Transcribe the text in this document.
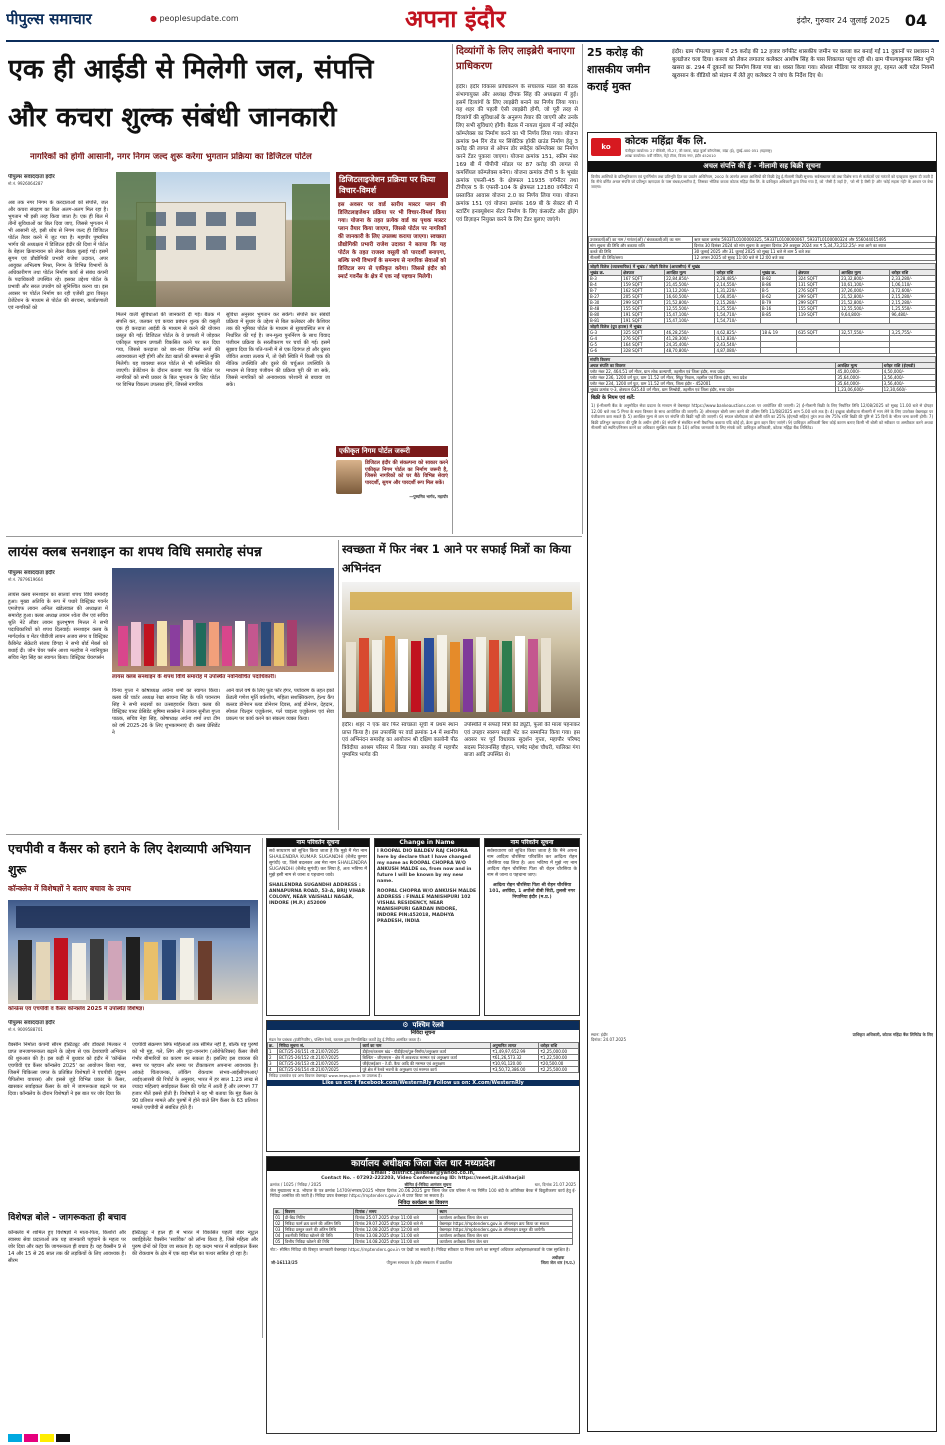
पीपुल्स समाचार	● peoplesupdate.com	अपना इंदौर	इंदौर, गुरुवार 24 जुलाई 2025 04
एक ही आईडी से मिलेगी जल, संपत्ति
और कचरा शुल्क संबंधी जानकारी
नागरिकों को होगी आसानी, नगर निगम जल्द शुरू करेगा भुगतान प्रक्रिया का डिजिटल पोर्टल
पीपुल्स संवाददाता इंदौर
मो.नं. 9926064287
अब तक नगर निगम के करदाताओं को संपत्ति, जल और कचरा संग्रहण का बिल अलग-अलग मिल रहा है। भुगतान भी इसी तरह किया जाता है। एक ही बिल में तीनों सुविधाओं का बिल दिया जाए, जिससे भुगतान में भी आसानी रहे, इसी ध्येय से निगम जल्द ही डिजिटल पोर्टल तैयार करने में जुट गया है। महापौर पुष्यमित्र भार्गव की अध्यक्षता में डिजिटल इंदौर की दिशा में पोर्टल के बेहतर क्रियान्वयन को लेकर बैठक बुलाई गई। इसमें सुगम एवं प्रौद्योगिकी प्रभारी राजेश उदावत, अपर आयुक्त अभिलाष मिश्रा, निगम के विभिन्न विभागों के अधिकारीगण तथा पोर्टल निर्माण कार्य से संबंध कंपनी के पदाधिकारी उपस्थित रहे। इसका उद्देश्य पोर्टल के प्रभावी और सरल उपयोग को सुनिश्चित करना था। इस अवसर पर पोर्टल निर्माण का रही एजेंसी द्वारा विस्तृत प्रेजेंटेशन के माध्यम से पोर्टल की संरचना, कार्यप्रणाली एवं नागरिकों को
डिजिटलाइजेशन प्रक्रिया पर किया विचार-विमर्श
इस अवसर पर वार्ड स्तरीय मास्टर प्लान की डिजिटलाइजेशन प्रक्रिया पर भी विचार-विमर्श किया गया। योजना के तहत प्रत्येक वार्ड का पृथक मास्टर प्लान तैयार किया जाएगा, जिससे पोर्टल पर नागरिकों की जानकारी के लिए उपलब्ध कराया जाएगा। स्वच्छता प्रौद्योगिकी प्रभारी राजेश उदावत ने बताया कि यह पोर्टल के तहत राजस्व वसूली को पारदर्शी बनाएगा, बल्कि सभी विभागों के समन्वय से नागरिक सेवाओं को डिजिटल रूप से एकीकृत करेगा। जिससे इंदौर को स्मार्ट गवर्नेंस के क्षेत्र में एक नई पहचान मिलेगी।
एकीकृत निगम पोर्टल जरूरी
डिजिटल इंदौर की संकल्पना को साकार करने एकीकृत निगम पोर्टल का निर्माण जरूरी है, जिससे नागरिकों को घर बैठे विभिन्न सेवाएं पारदर्शी, सुगम और पारदर्शी रूप मिल सकें।
—पुष्यमित्र भार्गव, महापौर
मिलने वाली सुविधाओं की जानकारी दी गई। बैठक में संपत्ति कर, जलकर एवं कचरा प्रबंधन शुल्क की वसूली एक ही करदाता आईडी के माध्यम से करने की योजना प्रस्तुत की गई। डिजिटल पोर्टल के ये प्रणाली में जोड़कर एकीकृत पहचान प्रणाली विकसित करने पर बल दिया गया, जिससे करदाता को बार-बार विभिन्न रूपों की आवश्यकता नहीं होगी और डेटा खातों की समस्या से मुक्ति मिलेगी। यह व्यवस्था सरल पोर्टल से भी सम्मिलित की जाएगी। प्रेजेंटेशन के दौरान बताया गया कि पोर्टल पर नागरिकों को सभी प्रकार के बिल भुगतान के लिए पोर्टल पर विभिन्न विकल्प उपलब्ध होंगे, जिससे नागरिक
सुविधा अनुसार भुगतान कर सकेंगे। संपत्ति कर संबंधी प्रक्रिया में सुधार के उद्देश्य से बिल कलेक्टर और कैशियर तक की भूमिका पोर्टल के माध्यम से सुव्यवस्थित रूप से निर्धारित की गई है। जन-मूल्य पुनर्निरण के साथ विवाद पंजीयन प्रक्रिया के सरलीकरण पर चर्चा की गई। इसमें सुझाव दिया कि पति-पत्नी में से एक दिवंगत हो और दूसरा जीवित अथवा तलाक में, तो ऐसी स्थिति में किसी एक की नीतिक उपस्थिति और दुसरे की चर्चुअल उपस्थिति के माध्यम से विवाह पंजीयन की प्रक्रिया पूरी की जा सके, जिससे नागरिकों को अनावश्यक परेशानी से बचाया जा सके।
दिव्यांगों के लिए लाइब्रेरी बनाएगा प्राधिकरण
इंदौर। इंदौर विकास प्राधिकरण के संचालक मंडल की बैठक संभागायुक्त और अध्यक्ष दीपक सिंह की अध्यक्षता में हुई। इसमें दिव्यांगों के लिए लाइब्रेरी बनाने का निर्णय लिया गया। यह शहर की पहली ऐसी लाइब्रेरी होगी, जो पूरी तरह से दिव्यांगों की सुविधाओं के अनुरूप तैयार की जाएगी और उनके लिए सभी सुविधाएं होंगी। बैठक में नायता मुंडला में नई स्पोर्ट्स कॉम्प्लेक्स का निर्माण करने का भी निर्णय लिया गया। योजना क्रमांक 94 रिंग रोड पर सिंथेटिक हॉकी ग्राउंड निर्माण हेतु 3 करोड़ की लागत से ओपन डोर स्पोर्ट्स कॉम्प्लेक्स का निर्माण करने टेंडर पुकारा जाएगा। योजना क्रमांक 151, स्कीम नंबर 169 बी में पीपीपी मॉडल पर 87 करोड़ की लागत से कमर्शियल कॉम्प्लेक्स बनेगा। योजना क्रमांक टीपी 5 के भूखंड क्रमांक एफसी-45 के क्षेत्रफल 11935 वर्गमीटर तथा टीपीएस 5 के एफसी-104 के क्षेत्रफल 12180 वर्गमीटर में प्रस्तावित आवास योजना 2.0 का निर्णय लिया गया। योजना क्रमांक 151 एवं योजना क्रमांक 169 बी के सेक्टर बी में स्टार्टिंग इनक्यूबेशन सेंटर निर्माण के लिए कंसल्टेंट और ड्रॉइंग एवं डिज़ाइन नियुक्त करने के लिए टेंडर बुलाए जाएंगे।
25 करोड़ की शासकीय जमीन कराई मुक्त
इंदौर। ग्राम पीपल्या कुमार में 25 करोड़ की 12 हजार वर्गफीट शासकीय जमीन पर कब्जा कर बनाई गईं 11 दुकानों पर प्रशासन ने बुलडोजर चला दिया। कब्जा को लेकर लगातार कलेक्टर आशीष सिंह के पास शिकायत पहुंच रही थी। ग्राम पीपल्याकुमार स्थित भूमि खसरा क्र. 294 में दुकानों का निर्माण किया गया था। ध्वस्त किया गया। सोशल मीडिया पर वायरल हुए, रहमत अली पटेल नियमों खुरासान के वीडियो को संज्ञान में लेते हुए कलेक्टर ने जांच के निर्देश दिए थे।
ko	कोटक महिंद्रा बैंक लि.
पंजीकृत कार्यालय: 27 बीकेसी, सी-27, जी ब्लाक, बांद्रा कुर्ला कॉम्प्लेक्स, बांद्रा (ई), मुंबई-400 051 (महाराष्ट्र)
शाखा कार्यालय: 5वीं मंजिल, मेट्रो टॉवर, विजय नगर, इंदौर 452010
अचल संपत्ति की ई - नीलामी सह बिक्री सूचना
वित्तीय आस्तियों के प्रतिभूतिकरण एवं पुनर्निर्माण तथा प्रतिभूति हित का प्रवर्तन अधिनियम, 2002 के अंतर्गत अचल आस्तियों की बिक्री हेतु ई-नीलामी बिक्री सूचना। सर्वसाधारण को तथा विशेष रूप से कर्जदारों एवं गारंटरों को एतद्द्वारा सूचना दी जाती है कि नीचे वर्णित अचल संपत्ति जो प्रतिभूत ऋणदाता के पास बंधक/प्रभारित है, जिसका भौतिक कब्जा कोटक महिंद्रा बैंक लि. के प्राधिकृत अधिकारी द्वारा लिया गया है, को 'जैसी है जहाँ है', 'जो भी है जैसी है' और 'कोई सहारा नहीं' के आधार पर बेचा जाएगा।
उधारकर्ता(ओं) का नाम / गारंटर(ओं) / बंधककर्ता(ओं) का नाम	ऋण खाता क्रमांक 5933TL0100000325, 5933TL0100000067, 5933TL0100000324 और 556044015495
मांग सूचना की तिथि और बकाया राशि	दिनांक 30 दिसंबर 2024 को मांग सूचना के अनुसार दिनांक 29 अक्टूबर 2024 तक ₹ 5,34,73,212.25/- तथा आगे का ब्याज
कब्जे की तिथि	30 जुलाई 2025 और 31 जुलाई 2025 को सुबह 11 बजे से शाम 5 बजे तक
नीलामी की तिथि/समय	12 अगस्त 2025 को सुबह 11:00 बजे से 12:00 बजे तक
जोहरी विलेज (व्यावसायिक) में भूखंड / जोहरी विलेज (आवासीय) में भूखंड							
भूखंड क्र.	क्षेत्रफल	आरक्षित मूल्य	धरोहर राशि	भूखंड क्र.	क्षेत्रफल	आरक्षित मूल्य	धरोहर राशि
B-3	167 SQFT	22,84,850/-	2,28,485/-	B-82	324 SQFT	23,32,800/-	2,33,280/-
B-4	159 SQFT	21,45,500/-	2,14,550/-	B-86	131 SQFT	10,61,100/-	1,06,110/-
B-7	162 SQFT	13,12,200/-	1,31,220/-	B-5	276 SQFT	37,26,000/-	3,72,600/-
B-27	205 SQFT	16,60,500/-	1,66,050/-	B-62	299 SQFT	21,52,800/-	2,15,280/-
B-30	299 SQFT	21,52,800/-	2,15,280/-	B-79	299 SQFT	21,52,800/-	2,15,280/-
B-48	155 SQFT	12,55,500/-	1,25,550/-	B-16	155 SQFT	12,55,500/-	1,25,550/-
B-80	191 SQFT	15,47,100/-	1,54,710/-	B-85	119 SQFT	9,64,800/-	96,480/-
B-81	191 SQFT	15,47,100/-	1,54,710/-				
जोहरी विलेज (ग्रुप हाउस) में भूखंड							
G-3	325 SQFT	46,28,250/-	4,62,825/-	18 & 19	635 SQFT	32,57,550/-	3,25,755/-
G-4	276 SQFT	41,28,300/-	4,12,830/-				
G-5	164 SQFT	24,35,400/-	2,43,540/-				
G-6	328 SQFT	48,70,800/-	4,87,080/-				
संपत्ति विवरण		
अचल संपत्ति का विवरण	आरक्षित मूल्य	धरोहर राशि (ईएमडी)
प्लॉट नंबर 22, 464.51 वर्ग मीटर, ग्राम लोक कल्याणी, तहसील एवं जिला इंदौर, मध्य प्रदेश	45,00,000/-	4,50,000/-
प्लॉट नंबर 236, 1200 वर्ग फुट, ग्राम 11.52 वर्ग मीटर, सिंदूर निवास, तहसील एवं जिला इंदौर, मध्य प्रदेश	35,64,000/-	3,56,400/-
प्लॉट नंबर 234, 1200 वर्ग फुट, ग्राम 11.52 वर्ग मीटर, जिला इंदौर - 452001	35,64,000/-	3,56,400/-
भूखंड क्रमांक ए-3, क्षेत्रफल 635.40 वर्ग मीटर, ग्राम लिम्बोदी, तहसील एवं जिला इंदौर, मध्य प्रदेश	1,23,06,600/-	12,30,660/-
बिक्री के नियम एवं शर्तें:
1) ई-नीलामी बैंक के अनुमोदित सेवा प्रदाता के माध्यम से वेबसाइट https://www.bankeauctions.com पर आयोजित की जाएगी। 2) ई-नीलामी बिक्री के लिए निर्धारित तिथि 12/08/2025 को सुबह 11.00 बजे से दोपहर 12.00 बजे तक 5 मिनट के स्वतः विस्तार के साथ आयोजित की जाएगी। 3) ऑनलाइन बोली जमा करने की अंतिम तिथि 11/08/2025 शाम 5.00 बजे तक है। 4) इच्छुक बोलीदाता नीलामी में भाग लेने के लिए उपरोक्त वेबसाइट पर पंजीकरण करा सकते हैं। 5) आरक्षित मूल्य से कम पर संपत्ति की बिक्री नहीं की जाएगी। 6) सफल बोलीदाता को बोली राशि का 25% (ईएमडी सहित) तुरंत तथा शेष 75% राशि बिक्री की पुष्टि से 15 दिनों के भीतर जमा करनी होगी। 7) बिक्री प्रतिभूत ऋणदाता की पुष्टि के अधीन होगी। 8) संपत्ति से संबंधित सभी वैधानिक बकाया यदि कोई हो, क्रेता द्वारा वहन किए जाएंगे। 9) प्राधिकृत अधिकारी बिना कोई कारण बताए किसी भी बोली को स्वीकार या अस्वीकार करने अथवा नीलामी को स्थगित/निरस्त करने का अधिकार सुरक्षित रखता है। 10) अधिक जानकारी के लिए संपर्क करें: प्राधिकृत अधिकारी, कोटक महिंद्रा बैंक लिमिटेड।
स्थान: इंदौर
दिनांक: 24.07.2025
प्राधिकृत अधिकारी, कोटक महिंद्रा बैंक लिमिटेड के लिए
लायंस क्लब सनशाइन का शपथ विधि समारोह संपन्न
पीपुल्स संवाददाता इंदौर
मो.नं. 7879619664
लायंस क्लब सनशाइन का सातवां शपथ विधि समारोह हुआ। मुख्य अतिथि के रूप में पधारे डिस्ट्रिक्ट गवर्नर एमजेएफ लायन अनिल खंडेलवाल की अध्यक्षता में समारोह हुआ। क्लब अध्यक्ष लायन श्वेता जैन एवं सचिव श्रुति नेटे लीडर लायन कुलभूषण मित्तल ने सभी पदाधिकारियों को शपथ दिलवाई। सनशाइन क्लब के मार्गदर्शक व मेंटर पीडीजी लायन अजय संगर व डिस्ट्रिक्ट कैबिनेट सेक्रेटरी संजय डिंगड़ा ने सभी बोर्ड मेंबर्स को बधाई दी। जोन चेयर पर्सन आशा मल्होत्रा ने नवनियुक्त सचिव नेहा सिंह का स्वागत किया। डिस्ट्रिक्ट चेयरपर्सन
लायंस क्लब सनशाइन के शपथ विधि समारोह में उपस्थित नवनिर्वाचित पदाधिकारी।
विनय गुप्ता ने कोषाध्यक्ष अर्चना शर्मा का स्वागत किया। क्लब की चार्टर अध्यक्ष रेखा साचना सिंह के पति पवनराम सिंह ने सभी सदस्यों का उत्साहवर्धन किया। क्लब की डिस्ट्रिक्ट पास्ट प्रेसिडेंट सुषिमा सक्सेना ने लायन सुनीता गुप्ता पाठक, सचिव नेहा सिंह, कोषाध्यक्ष अर्चना शर्मा तथा टीम को वर्ष 2025-26 के लिए शुभकामनाएं दीं। क्लब प्रेसिडेंट ने
आने वाले वर्ष के लिए फूड फॉर हंगर, पर्यावरण के तहत इको फ्रेंडली गणेश मूर्ति वर्कशॉप, महिला सशक्तिकरण, हेल्थ कैंप बल्लड डोनेशन ब्लड डोनेशन दिवस, आई डोनेशन, देहदान, स्पेशल चिल्ड्रन एजुकेशन, गर्ल चाइल्ड एजुकेशन एवं सेवा प्रकल्प पर कार्य करने का संकल्प व्यक्त किया।
स्वच्छता में फिर नंबर 1 आने पर सफाई मित्रों का किया अभिनंदन
इंदौर। शहर ने एक बार फिर स्वच्छता सूची में प्रथम स्थान प्राप्त किया है। इस उपलब्धि पर वार्ड क्रमांक 14 में स्थानीय एवं अभिनंदन समारोह का आयोजन श्री दक्षिण कालोनी पीठ त्रिवेदीया आश्रम परिसर में किया गया। समारोह में महापौर पुष्यमित्र भार्गव की
उपस्थिति में सफाई मित्रों की ड्यूटी, फूलों की माला पहनाकर एवं उपहार स्वरूप साड़ी भेंट कर सम्मानित किया गया। इस अवसर पर पूर्व विधायक सुदर्शन गुप्ता, महापौर परिषद सदस्य निरंजनसिंह चौहान, पार्षद महेश चौधरी, पालिका गंगा बाजा आदि उपस्थित थे।
एचपीवी व कैंसर को हराने के लिए देशव्यापी अभियान शुरू
कॉन्क्लेव में विशेषज्ञों ने बताए बचाव के उपाय
कॉन्फ्रेंस एवं एचपीवी व कैंसर कॉन्क्लेव 2025 में उपस्थित विशेषज्ञ।
पीपुल्स संवाददाता इंदौर
मो.नं. 9009588701
वैक्सीन निर्माता कंपनी सीरम इंस्टिट्यूट और डॉक्टर्स मिलकर ने प्राप्त जनजागरूकता बढ़ाने के उद्देश्य से एक देशव्यापी अभियान की शुरुआत की है। इस कड़ी में बुधवार को इंदौर में 'कॉन्फ्रेंस एचपीवी एंड कैंसर कॉन्क्लेव 2025' का आयोजन किया गया, जिसमें चिकित्सा जगत के प्रतिष्ठित विशेषज्ञों ने एचपीवी (ह्यूमन पैपिलोमा वायरस) और इससे जुड़े विभिन्न प्रकार के कैंसर, खासकर सर्वाइकल कैंसर के बारे में जागरूकता बढ़ाने पर बल दिया। कॉन्क्लेव के दौरान विशेषज्ञों ने इस बात पर जोर दिया कि
एचपीवी संक्रमण सिर्फ महिलाओं तक सीमित नहीं है, बल्कि यह पुरुषों को भी मुंह, गले, लिंग और गुदा-जननांग (ओरोफेरिंक्स) कैंसर जैसी गंभीर बीमारियों का कारण बन सकता है। इसलिए इस वायरस की समय पर पहचान और समय पर टीकाकरण अपनाना आवश्यक है। आंकड़े चिंताजनक, लॉकिंग रोकथाम संभव-आईसीएमआर/ आईएआरसी की रिपोर्ट के अनुसार, भारत में हर साल 1.23 लाख से ज्यादा महिलाएं सर्वाइकल कैंसर की चपेट में आती हैं और लगभग 77 हजार मौतें इससे होती हैं। विशेषज्ञों ने यह भी बताया कि मुंह कैंसर के 90 प्रतिशत मामले और पुरुषों में होने वाले लिंग कैंसर के 63 प्रतिशत मामले एचपीवी से संबंधित होते हैं।
विशेषज्ञ बोले - जागरूकता ही बचाव
कॉन्क्लेव में शामिल हुए विशेषज्ञों ने माता-पिता, किशोरों और स्वास्थ्य सेवा प्रदाताओं तक यह जानकारी पहुंचाने के महत्व पर जोर दिया और कहा कि जागरूकता ही बचाव है। यह वैक्सीन 9 से 14 और 15 से 26 साल तक की लड़कियों के लिए आवश्यक है। सीरम
इंस्टिट्यूट ने हाल ही में भारत में विकसित पहली जेंडर न्यूट्रल क्वाड्रिवेलेंट वैक्सीन 'सर्वावैक' को लॉन्च किया है, जिसे महिला और पुरुष दोनों को दिया जा सकता है। यह कदम भारत में सर्वाइकल कैंसर की रोकथाम के क्षेत्र में एक बड़ा मील का पत्थर साबित हो रहा है।
नाम परिवर्तन सूचना
सर्व साधारण को सूचित किया जाता है कि मुझे मैं मेरा नाम SHAILENDRA KUMAR SUGANDHI (शैलेंद्र कुमार सुगंधी) था, जिसे बदलकर अब मेरा नाम SHAILENDRA SUGANDHI (शैलेंद्र सुगंधी) कर लिया है, अतः भविष्य में मुझे इसी नाम से जाना व पहचाना जावे।
SHAILENDRA SUGANDHI ADDRESS : ANNAPURNA ROAD, 53-A, BRIJ VIHAR COLONY, NEAR VAISHALI NAGAR, INDORE (M.P.) 452009
Change in Name
I ROOPAL DIO BALDEV RAJ CHOPRA here by declare that I have changed my name as ROOPAL CHOPRA W/O ANKUSH MALDE so, from now and in future I will be known by my new name.
ROOPAL CHOPRA W/O ANKUSH MALDE ADDRESS : FINALE MANISHPURI 102 VISHAL RESIDENCY, NEAR MANISHPURI GARDAN INDORE, INDORE PIN:452018, MADHYA PRADESH, INDIA
नाम परिवर्तन सूचना
सर्वसाधारण को सूचित किया जाता है कि मैंने अपना नाम आदित्य चौरसिया परिवर्तित कर आदित्य रोहन चौरसिया रख लिया है। अतः भविष्य में मुझे नए नाम आदित्य रोहन चौरसिया पिता श्री रोहन चौरसिया के नाम से जाना व पहचाना जाए।
आदित्य रोहन चौरसिया पिता श्री रोहन चौरसिया 101, अरविंदा, 1 अर्पोलो डीबी सिटी, तुलसी नगर निपानिया इंदौर (म.प्र.)
⚙ पश्चिम रेलवे
निविदा सूचना
मंडल रेल प्रबंधक (इंजीनियरिंग), पश्चिम रेलवे, रतलाम द्वारा निम्नलिखित कार्यों हेतु ई-निविदा आमंत्रित करता है।
क्र.	निविदा सूचना सं.	कार्य का नाम	अनुमानित लागत	धरोहर राशि
1	BCT/25-26/151 dt.21/07/2025	डीईएन/रतलाम खंड - पीडीईएन/पुल-निर्माण/अनुरक्षण कार्य	₹1,49,97,652.99	₹2,25,000.00
2	BCT/25-26/152 dt.21/07/2025	बिल्डिंग - जीएसएस - क्षेत्र में आवश्यक मरम्मत एवं अनुरक्षण कार्य	₹61,26,573.32	₹1,22,500.00
3	BCT/25-26/153 dt.21/07/2025	जीईएलईआर - टे.डी. कैफ आदि की मरम्मत एवं अनुरक्षण	₹10,91,120.00	₹20,500.00
4	BCT/25-26/154 dt.21/07/2025	पूरे क्षेत्र में रेलवे भवनों के अनुरक्षण एवं मरम्मत कार्य	₹3,50,72,386.00	₹2,25,500.00
निविदा दस्तावेज एवं अन्य विवरण वेबसाइट www.ireps.gov.in पर उपलब्ध हैं।
Like us on: f facebook.com/WesternRly Follow us on: X.com/WesternRly
कार्यालय अधीक्षक जिला जेल धार मध्यप्रदेश
Email : district.jaildhar@yahoo.co.in,
Contact No. - 07292-222203, Video Conferencing ID: https://meet.jit.si/dharjail
क्रमांक / 1025 / निविदा / 2025	सीमित ई-निविदा आमंत्रण सूचना	धार, दिनांक 21.07.2025
जेल मुख्यालय म.प्र. भोपाल के पत्र क्रमांक 14709/भण्डार/2025 भोपाल दिनांक 20.06.2025 द्वारा जिला जेल धार परिसर में नव निर्मित 100 बंदी के अतिरिक्त बैरक में विद्युतीकरण कार्य हेतु ई-निविदा आमंत्रित की जाती है। निविदा प्रपत्र वेबसाइट https://mptenders.gov.in से प्राप्त किया जा सकता है।
निविदा कार्यक्रम का विवरण
क्र.	विवरण	दिनांक / समय	स्थान
01	प्री-बिड मिटिंग	दिनांक 25.07.2025 दोपहर 11:00 बजे	कार्यालय अधीक्षक जिला जेल धार
02	निविदा फार्म क्रय करने की अंतिम तिथि	दिनांक 29.07.2025 दोपहर 12:00 बजे से	वेबसाइट https://mptenders.gov.in ऑनलाइन क्रय किया जा सकता
03	निविदा प्रस्तुत करने की अंतिम तिथि	दिनांक 12.08.2025 दोपहर 12:00 बजे	वेबसाइट https://mptenders.gov.in ऑनलाइन प्रस्तुत की जायेगी।
04	तकनीकी निविदा खोलने की तिथि	दिनांक 13.08.2025 दोपहर 11:00 बजे	कार्यालय अधीक्षक जिला जेल धार
05	वित्तीय निविदा खोलने की तिथि	दिनांक 14.08.2025 दोपहर 11:00 बजे	कार्यालय अधीक्षक जिला जेल धार
नोट:- सीमित निविदा की विस्तृत जानकारी वेबसाइट https://mptenders.gov.in पर देखी जा सकती है। निविदा स्वीकार या निरस्त करने का सम्पूर्ण अधिकार अधोहस्ताक्षरकर्ता के पास सुरक्षित है।
जी-16113/25	पीपुल्स समाचार के इंदौर संस्करण में प्रकाशित
अधीक्षक
जिला जेल धार (म.प्र.)
